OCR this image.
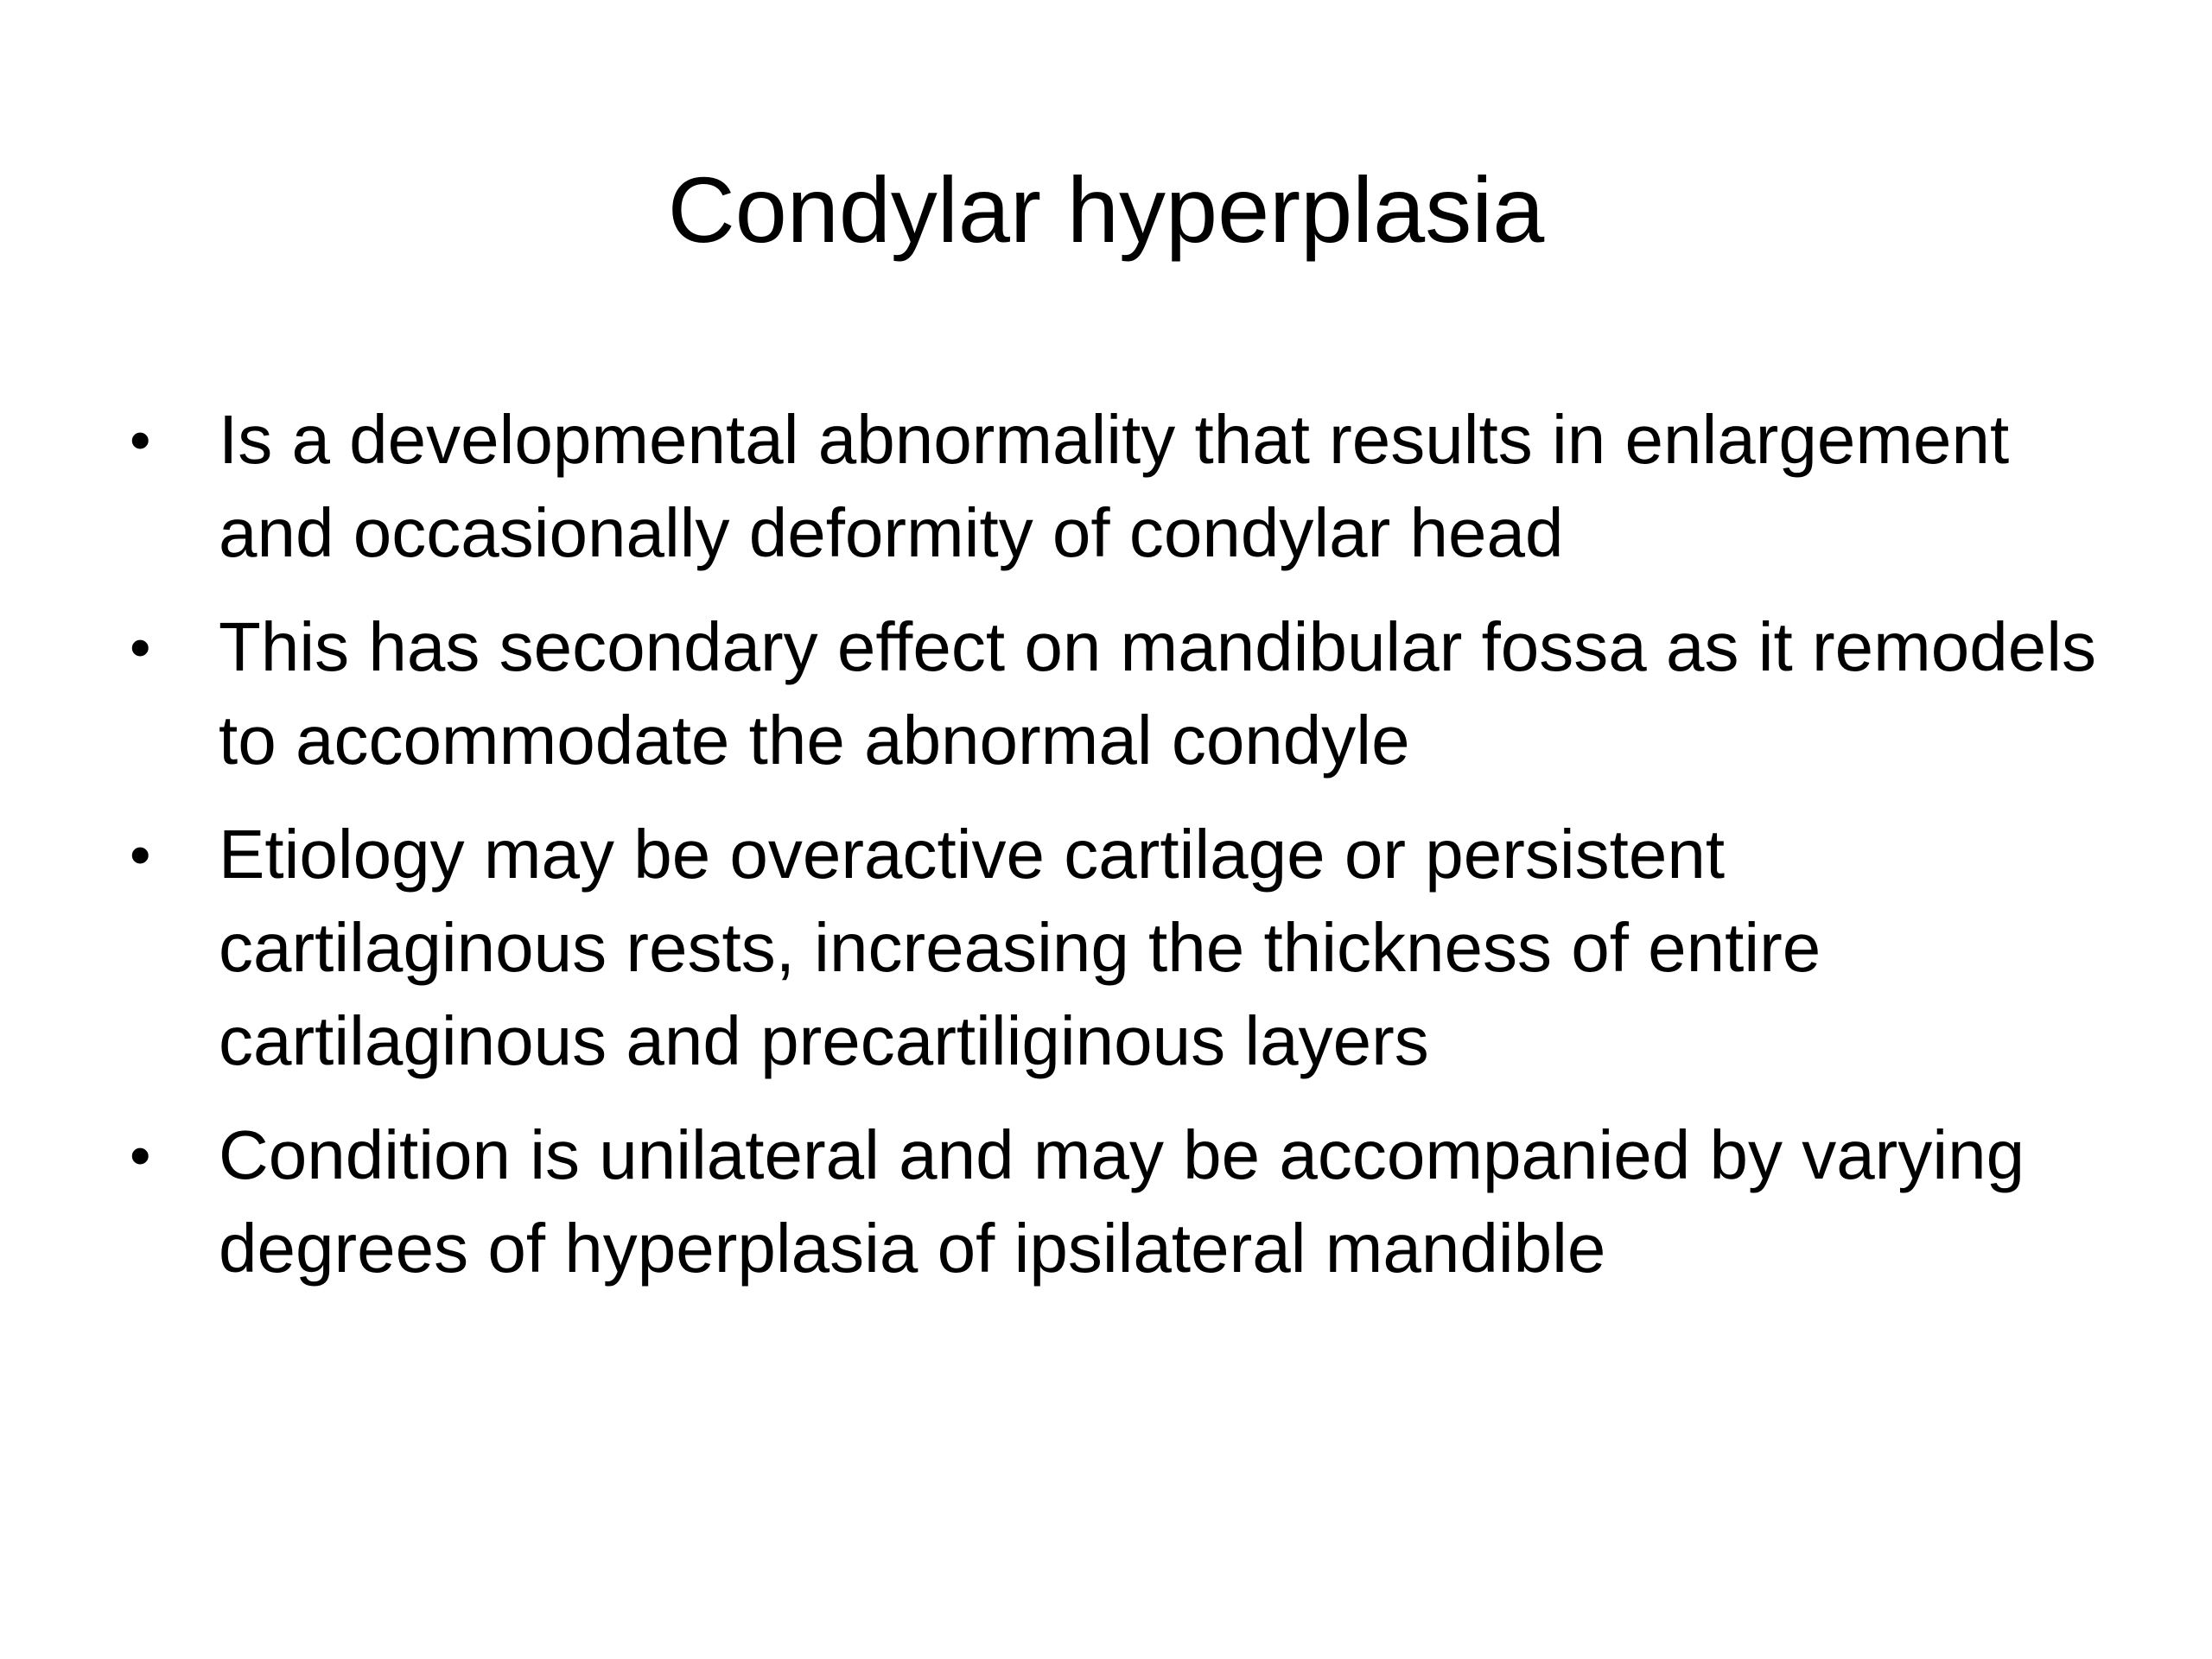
Condylar hyperplasia
• Is a developmental abnormality that results in enlargement and occasionally deformity of condylar head
• This has secondary effect on mandibular fossa as it remodels to accommodate the abnormal condyle
• Etiology may be overactive cartilage or persistent cartilaginous rests, increasing the thickness of entire cartilaginous and precartiliginous layers
• Condition is unilateral and may be accompanied by varying degrees of hyperplasia of ipsilateral mandible
